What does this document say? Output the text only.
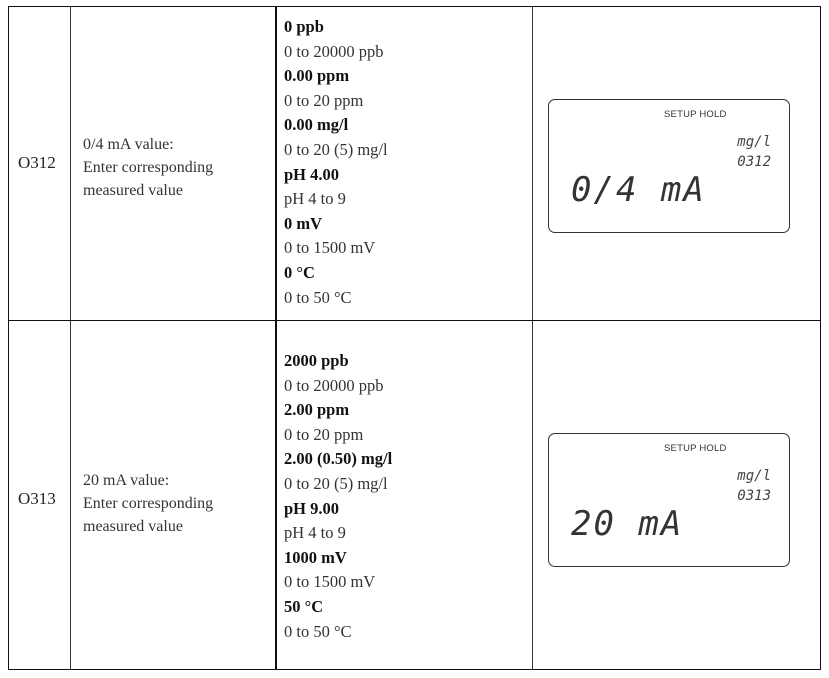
O312
0/4 mA value:
Enter corresponding
measured value
0 ppb
0 to 20000 ppb
0.00 ppm
0 to 20 ppm
0.00 mg/l
0 to 20 (5) mg/l
pH 4.00
pH 4 to 9
0 mV
0 to 1500 mV
0 °C
0 to 50 °C
SETUP HOLD
mg/l
0312
0/4 mA
O313
20 mA value:
Enter corresponding
measured value
2000 ppb
0 to 20000 ppb
2.00 ppm
0 to 20 ppm
2.00 (0.50) mg/l
0 to 20 (5) mg/l
pH 9.00
pH 4 to 9
1000 mV
0 to 1500 mV
50 °C
0 to 50 °C
SETUP HOLD
mg/l
0313
20 mA
